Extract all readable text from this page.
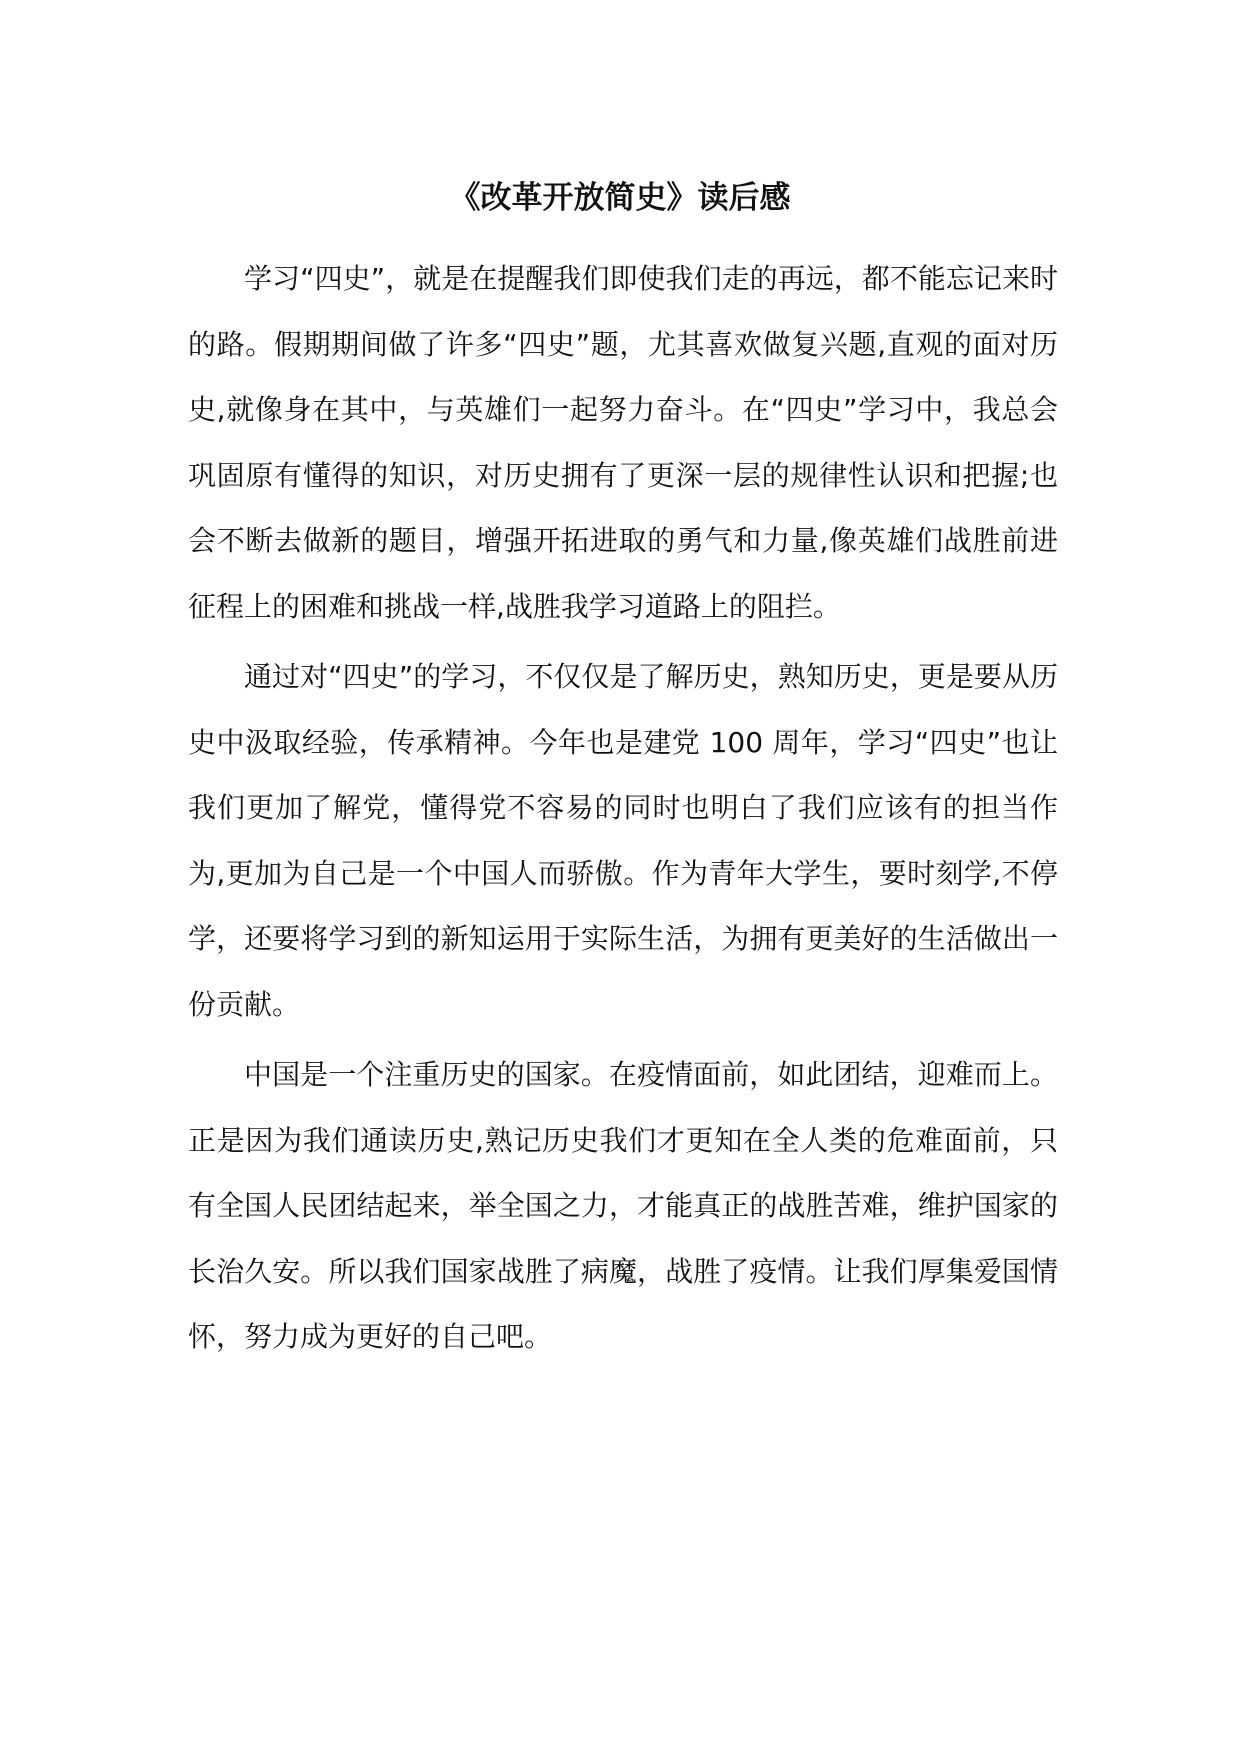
《改革开放简史》读后感

学习“四史”，就是在提醒我们即使我们走的再远，都不能忘记来时的路。假期期间做了许多“四史”题，尤其喜欢做复兴题,直观的面对历史,就像身在其中，与英雄们一起努力奋斗。在“四史”学习中，我总会巩固原有懂得的知识，对历史拥有了更深一层的规律性认识和把握;也会不断去做新的题目，增强开拓进取的勇气和力量,像英雄们战胜前进征程上的困难和挑战一样,战胜我学习道路上的阻拦。

通过对“四史”的学习，不仅仅是了解历史，熟知历史，更是要从历史中汲取经验，传承精神。今年也是建党 100 周年，学习“四史”也让我们更加了解党，懂得党不容易的同时也明白了我们应该有的担当作为,更加为自己是一个中国人而骄傲。作为青年大学生，要时刻学,不停学，还要将学习到的新知运用于实际生活，为拥有更美好的生活做出一份贡献。

中国是一个注重历史的国家。在疫情面前，如此团结，迎难而上。正是因为我们通读历史,熟记历史我们才更知在全人类的危难面前，只有全国人民团结起来，举全国之力，才能真正的战胜苦难，维护国家的长治久安。所以我们国家战胜了病魔，战胜了疫情。让我们厚集爱国情怀，努力成为更好的自己吧。
